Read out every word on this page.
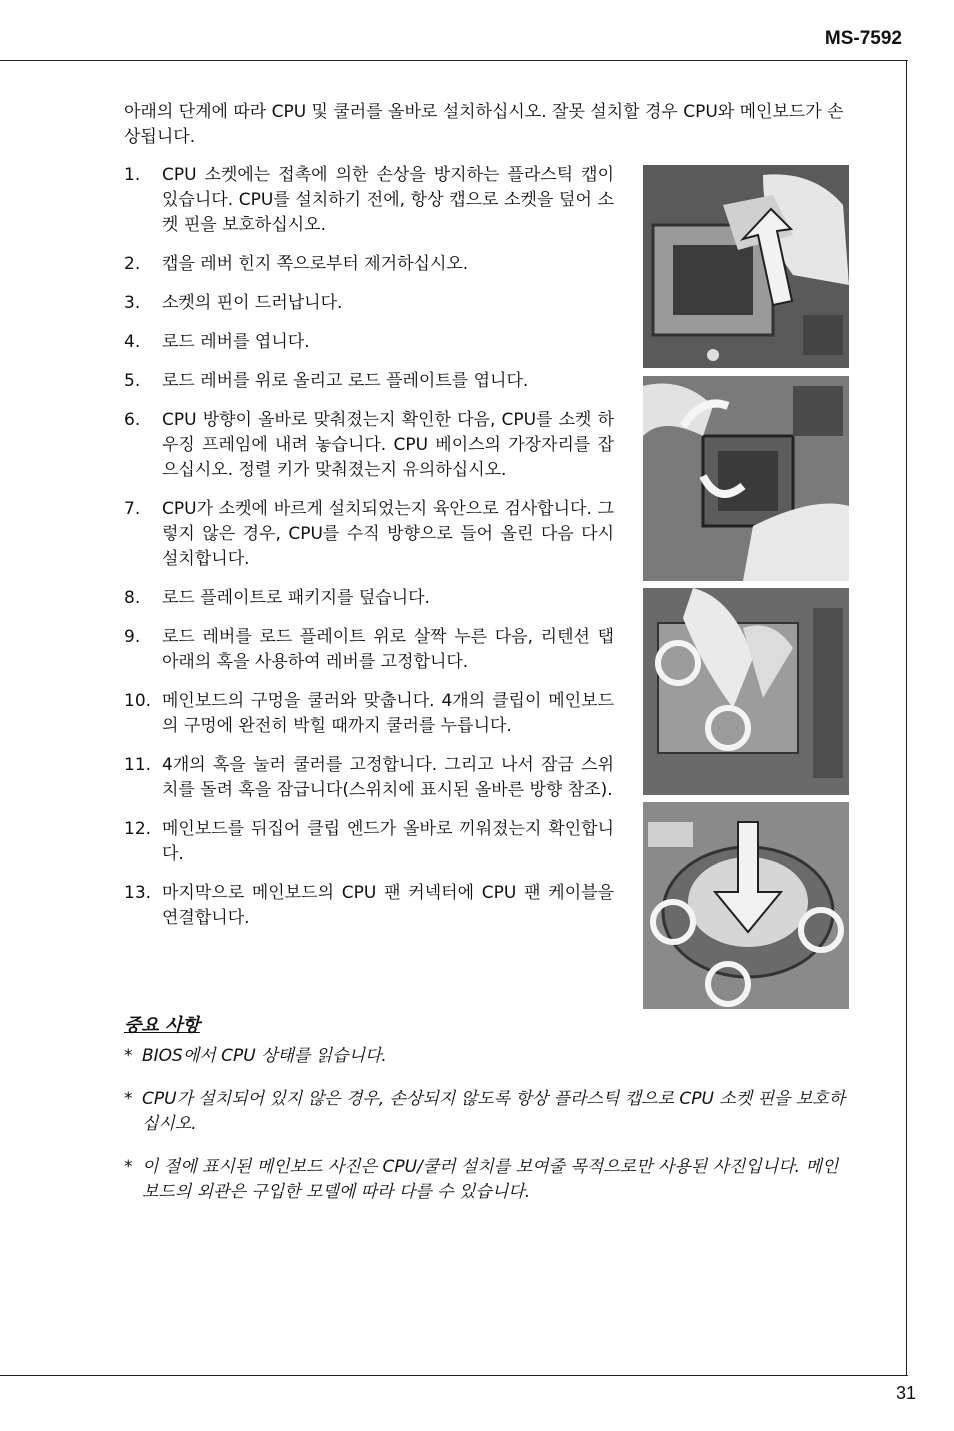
MS-7592

아래의 단계에 따라 CPU 및 쿨러를 올바로 설치하십시오. 잘못 설치할 경우 CPU와 메인보드가 손상됩니다.

1.	CPU 소켓에는 접촉에 의한 손상을 방지하는 플라스틱 캡이 있습니다. CPU를 설치하기 전에, 항상 캡으로 소켓을 덮어 소켓 핀을 보호하십시오.
2.	캡을 레버 힌지 쪽으로부터 제거하십시오.
3.	소켓의 핀이 드러납니다.
4.	로드 레버를 엽니다.
5.	로드 레버를 위로 올리고 로드 플레이트를 엽니다.
6.	CPU 방향이 올바로 맞춰졌는지 확인한 다음, CPU를 소켓 하우징 프레임에 내려 놓습니다. CPU 베이스의 가장자리를 잡으십시오. 정렬 키가 맞춰졌는지 유의하십시오.
7.	CPU가 소켓에 바르게 설치되었는지 육안으로 검사합니다. 그렇지 않은 경우, CPU를 수직 방향으로 들어 올린 다음 다시 설치합니다.
8.	로드 플레이트로 패키지를 덮습니다.
9.	로드 레버를 로드 플레이트 위로 살짝 누른 다음, 리텐션 탭 아래의 혹을 사용하여 레버를 고정합니다.
10. 메인보드의 구멍을 쿨러와 맞춥니다. 4개의 클립이 메인보드의 구멍에 완전히 박힐 때까지 쿨러를 누릅니다.
11. 4개의 혹을 눌러 쿨러를 고정합니다. 그리고 나서 잠금 스위치를 돌려 혹을 잠급니다(스위치에 표시된 올바른 방향 참조).
12. 메인보드를 뒤집어 클립 엔드가 올바로 끼워졌는지 확인합니다.
13. 마지막으로 메인보드의 CPU 팬 커넥터에 CPU 팬 케이블을 연결합니다.
중요 사항
* BIOS에서 CPU 상태를 읽습니다.
* CPU가 설치되어 있지 않은 경우, 손상되지 않도록 항상 플라스틱 캡으로 CPU 소켓 핀을 보호하십시오.
* 이 절에 표시된 메인보드 사진은 CPU/쿨러 설치를 보여줄 목적으로만 사용된 사진입니다. 메인보드의 외관은 구입한 모델에 따라 다를 수 있습니다.
31
